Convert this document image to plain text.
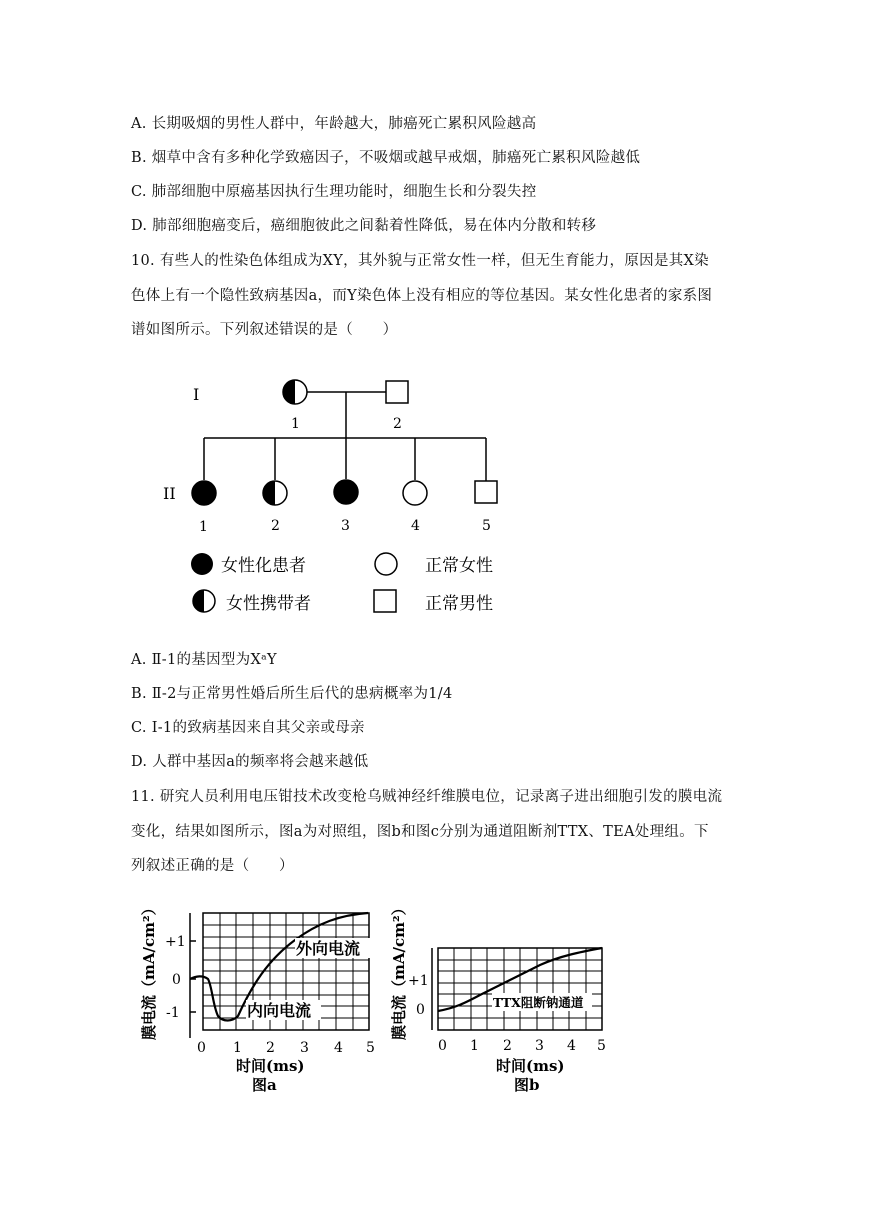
A. 长期吸烟的男性人群中，年龄越大，肺癌死亡累积风险越高
B. 烟草中含有多种化学致癌因子，不吸烟或越早戒烟，肺癌死亡累积风险越低
C. 肺部细胞中原癌基因执行生理功能时，细胞生长和分裂失控
D. 肺部细胞癌变后，癌细胞彼此之间黏着性降低，易在体内分散和转移
10. 有些人的性染色体组成为XY，其外貌与正常女性一样，但无生育能力，原因是其X染
色体上有一个隐性致病基因a，而Y染色体上没有相应的等位基因。某女性化患者的家系图
谱如图所示。下列叙述错误的是（　　）
I
II
1	2
1	2	3	4	5
女性化患者	正常女性
女性携带者	正常男性
A. Ⅱ-1的基因型为XᵃY
B. Ⅱ-2与正常男性婚后所生后代的患病概率为1/4
C. I-1的致病基因来自其父亲或母亲
D. 人群中基因a的频率将会越来越低
11. 研究人员利用电压钳技术改变枪乌贼神经纤维膜电位，记录离子进出细胞引发的膜电流
变化，结果如图所示，图a为对照组，图b和图c分别为通道阻断剂TTX、TEA处理组。下
列叙述正确的是（　　）
+1
0
-1
膜电流（mA/cm²）	外向电流
内向电流
0 1 2 3 4 5
时间(ms)
图a
+1
0
膜电流（mA/cm²）	TTX阻断钠通道
0 1 2 3 4 5
时间(ms)
图b
